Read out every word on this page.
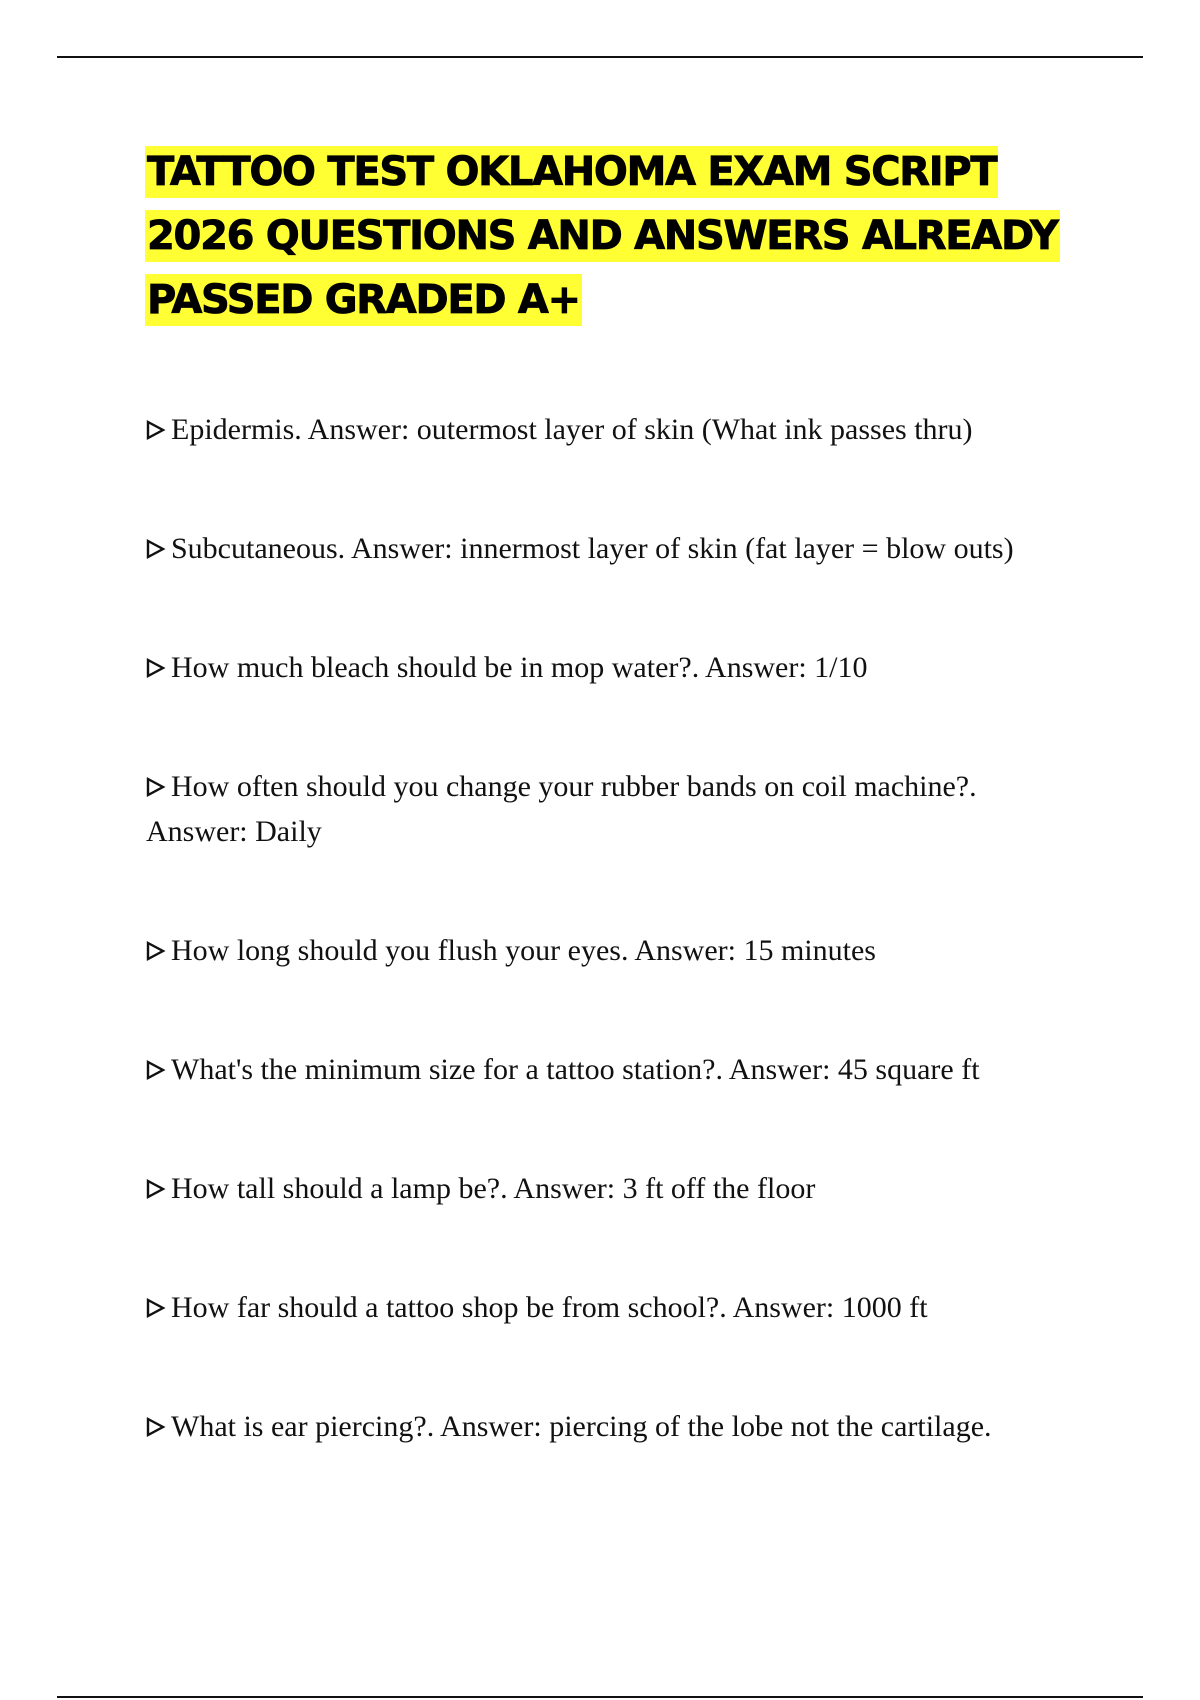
TATTOO TEST OKLAHOMA EXAM SCRIPT
2026 QUESTIONS AND ANSWERS ALREADY
PASSED GRADED A+
Epidermis. Answer: outermost layer of skin (What ink passes thru)
Subcutaneous. Answer: innermost layer of skin (fat layer = blow outs)
How much bleach should be in mop water?. Answer: 1/10
How often should you change your rubber bands on coil machine?.
Answer: Daily
How long should you flush your eyes. Answer: 15 minutes
What's the minimum size for a tattoo station?. Answer: 45 square ft
How tall should a lamp be?. Answer: 3 ft off the floor
How far should a tattoo shop be from school?. Answer: 1000 ft
What is ear piercing?. Answer: piercing of the lobe not the cartilage.
